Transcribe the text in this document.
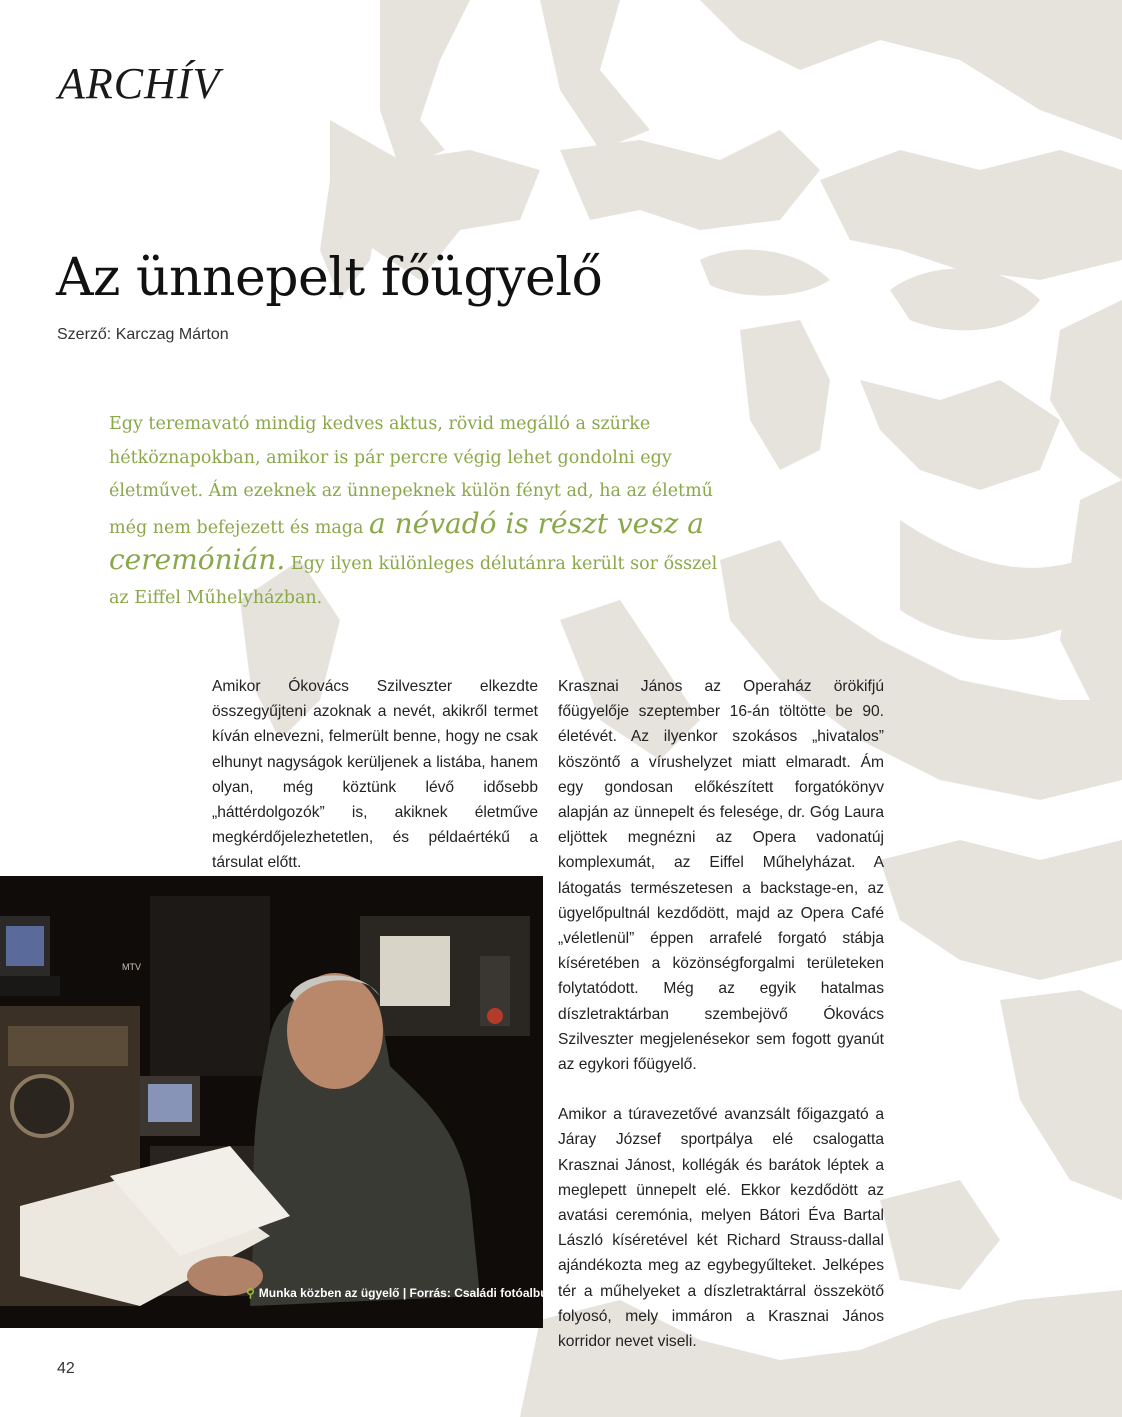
ARCHÍV
Az ünnepelt főügyelő
Szerző: Karczag Márton
Egy teremavató mindig kedves aktus, rövid megálló a szürke hétköznapokban, amikor is pár percre végig lehet gondolni egy életművet. Ám ezeknek az ünnepeknek külön fényt ad, ha az életmű még nem befejezett és maga a névadó is részt vesz a ceremónián. Egy ilyen különleges délutánra került sor ősszel az Eiffel Műhelyházban.

Amikor Ókovács Szilveszter elkezdte összegyűjteni azoknak a nevét, akikről termet kíván elnevezni, felmerült benne, hogy ne csak elhunyt nagyságok kerüljenek a listába, hanem olyan, még köztünk lévő idősebb „háttérdolgozók” is, akiknek életműve megkérdőjelezhetetlen, és példaértékű a társulat előtt.

Krasznai János az Operaház örökifjú főügyelője szeptember 16-án töltötte be 90. életévét. Az ilyenkor szokásos „hivatalos” köszöntő a vírushelyzet miatt elmaradt. Ám egy gondosan előkészített forgatókönyv alapján az ünnepelt és felesége, dr. Góg Laura eljöttek megnézni az Opera vadonatúj komplexumát, az Eiffel Műhelyházat. A látogatás természetesen a backstage-en, az ügyelőpultnál kezdődött, majd az Opera Café „véletlenül” éppen arrafelé forgató stábja kíséretében a közönségforgalmi területeken folytatódott. Még az egyik hatalmas díszletraktárban szembejövő Ókovács Szilveszter megjelenésekor sem fogott gyanút az egykori főügyelő.

Amikor a túravezetővé avanzsált főigazgató a Járay József sportpálya elé csalogatta Krasznai Jánost, kollégák és barátok léptek a meglepett ünnepelt elé. Ekkor kezdődött az avatási ceremónia, melyen Bátori Éva Bartal László kíséretével két Richard Strauss-dallal ajándékozta meg az egybegyűlteket. Jelképes tér a műhelyeket a díszletraktárral összekötő folyosó, mely immáron a Krasznai János korridor nevet viseli.

MTV
⚲ Munka közben az ügyelő | Forrás: Családi fotóalbum
42
